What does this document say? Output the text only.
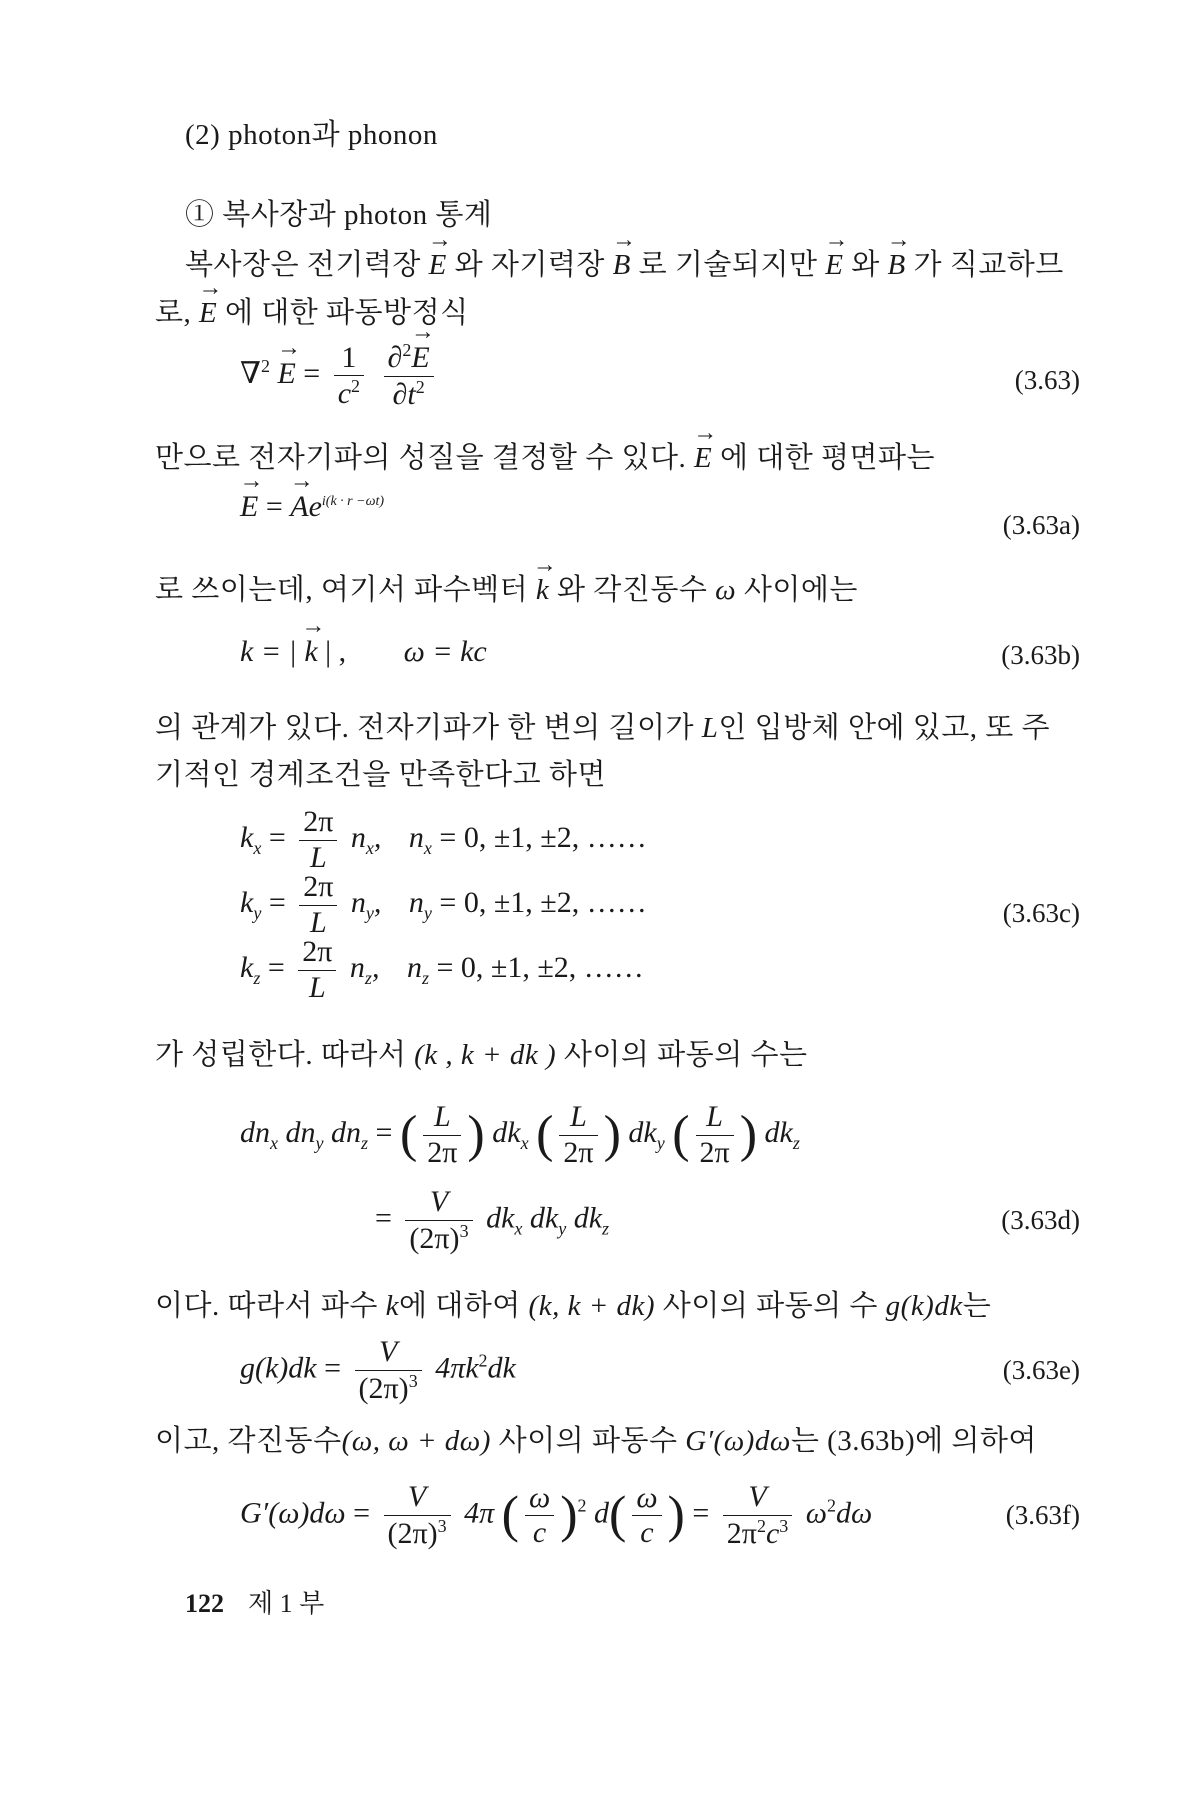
(2) photon과 phonon
① 복사장과 photon 통계
복사장은 전기력장 → E 와 자기력장 → B 로 기술되지만 → E 와 → B 가 직교하므
로, → E 에 대한 파동방정식
$\nabla^2 \to E = \frac{1}{c^2}$
$\frac{\partial^2\to E}{\partial t^2}$	(3.63)
만으로 전자기파의 성질을 결정할 수 있다. → E 에 대한 평면파는
→ E = → $Ae^{i(k \cdot r -\omega t)}$
(3.63a)
로 쓰이는데, 여기서 파수벡터 → k 와 각진동수 ω 사이에는
k = | → k | , ω = kc	(3.63b)
의 관계가 있다. 전자기파가 한 변의 길이가 L인 입방체 안에 있고, 또 주
기적인 경계조건을 만족한다고 하면
$k_x = \frac{2\pi}{L} n_x$, $n_x = 0$, ±1, ±2, ……
$k_y = \frac{2\pi}{L} n_y$, $n_y = 0$, ±1, ±2, ……	(3.63c)
$k_z = \frac{2\pi}{L} n_z$, $n_z = 0$, ±1, ±2, ……
가 성립한다. 따라서 (k , k + dk ) 사이의 파동의 수는
$dn_x$ $dn_y$ $dn_z$ = ( $\frac{L}{2\pi}$ ) $dk_x$ ( $\frac{L}{2\pi}$ ) $dk_y$ ( $\frac{L}{2\pi}$ ) $dk_z$
= $\frac{V}{(2\pi)^3} dk_x$ $dk_y$ $dk_z$	(3.63d)
이다. 따라서 파수 k에 대하여 (k, k + dk) 사이의 파동의 수 g(k)dk는
$g(k)dk = \frac{V}{(2\pi)^3} 4\pi k^2dk$	(3.63e)
이고, 각진동수(ω, ω + dω) 사이의 파동수 G′(ω)dω는 (3.63b)에 의하여
$G'(\omega)d\omega = \frac{V}{(2\pi)^3} 4\pi$ ( $\frac{\omega}{c} )^2$ $d( \frac{\omega}{c}$ ) = $\frac{V}{2\pi^2c^3} \omega^2d\omega$	(3.63f)
122 제 1 부
